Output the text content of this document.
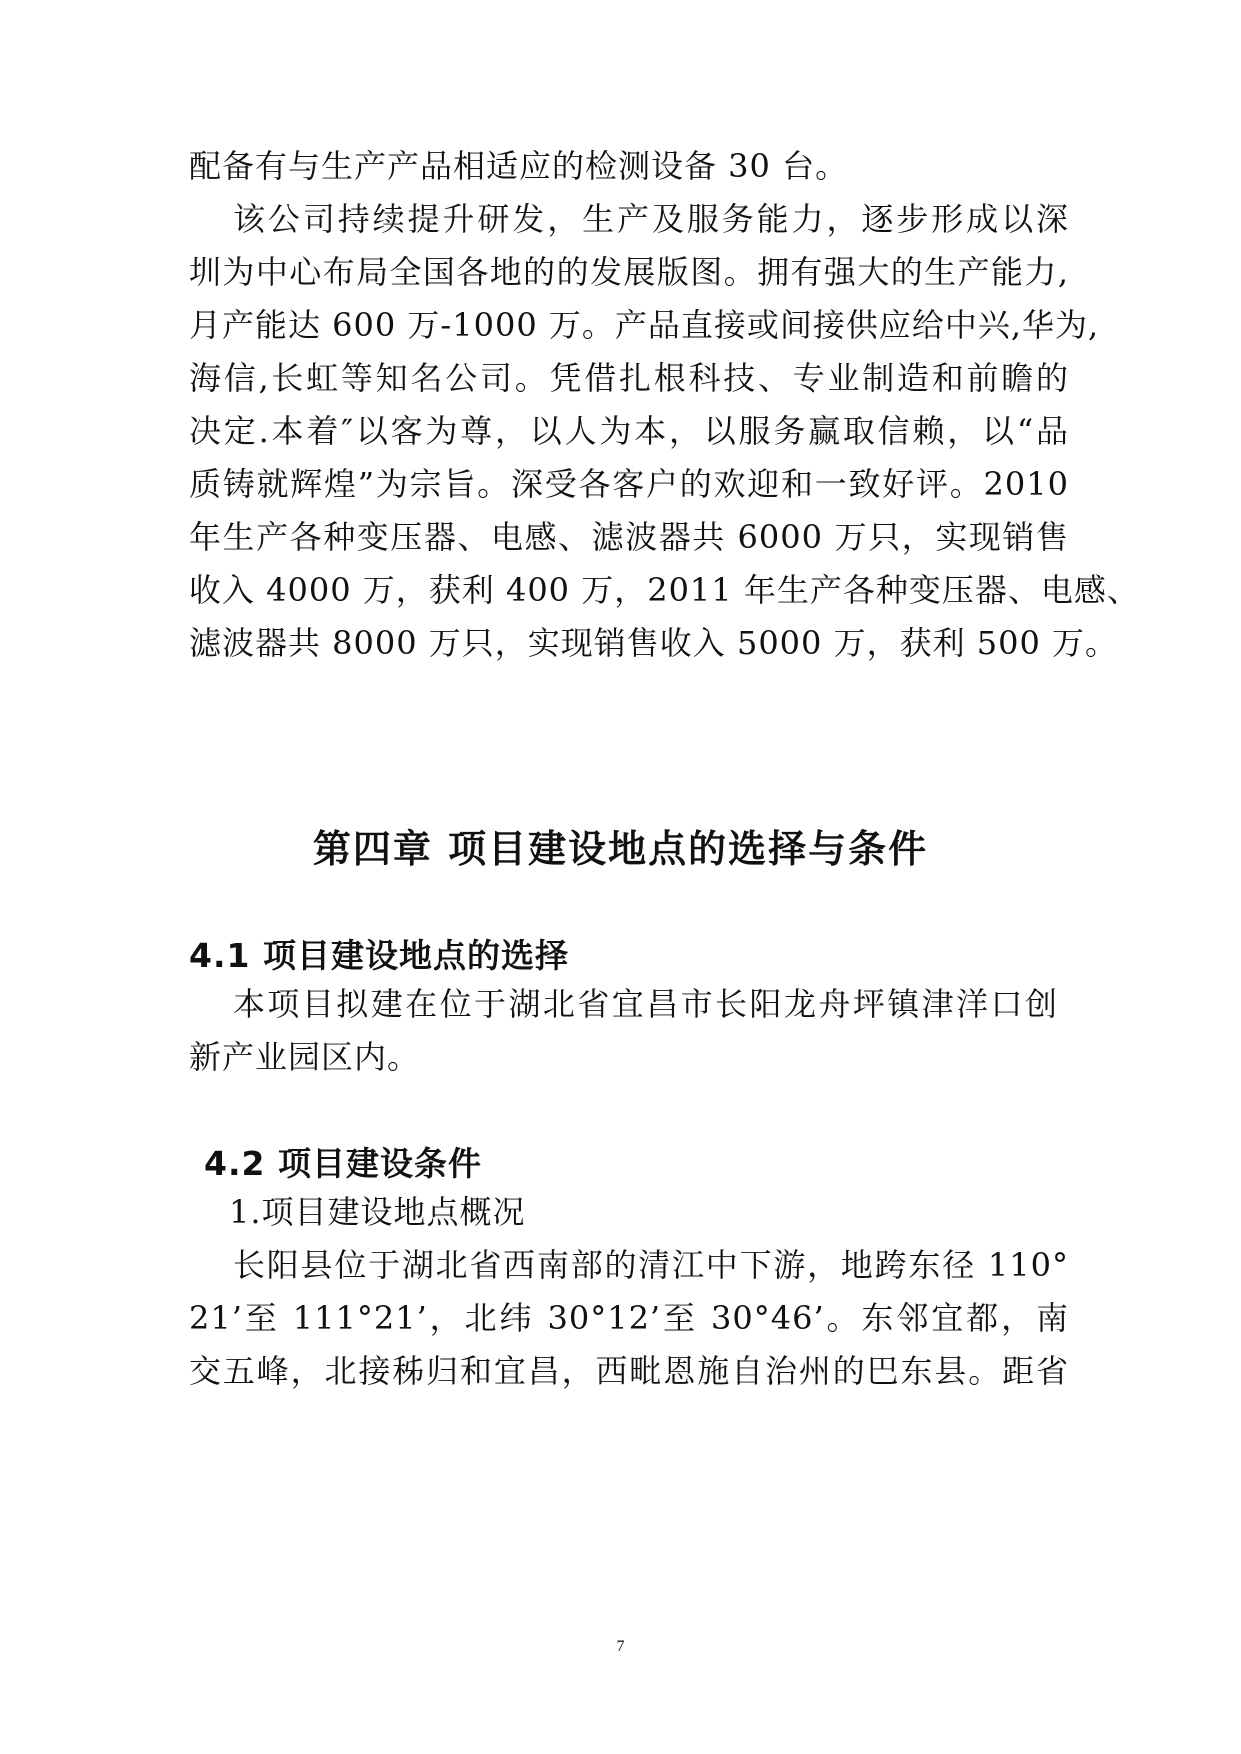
配备有与生产产品相适应的检测设备 30 台。
该公司持续提升研发，生产及服务能力，逐步形成以深
圳为中心布局全国各地的的发展版图。拥有强大的生产能力,
月产能达 600 万-1000 万。产品直接或间接供应给中兴,华为,
海信,长虹等知名公司。凭借扎根科技、专业制造和前瞻的
决定.本着″以客为尊，以人为本，以服务赢取信赖，以“品
质铸就辉煌”为宗旨。深受各客户的欢迎和一致好评。2010
年生产各种变压器、电感、滤波器共 6000 万只，实现销售
收入 4000 万，获利 400 万，2011 年生产各种变压器、电感、
滤波器共 8000 万只，实现销售收入 5000 万，获利 500 万。
第四章 项目建设地点的选择与条件
4.1 项目建设地点的选择
本项目拟建在位于湖北省宜昌市长阳龙舟坪镇津洋口创
新产业园区内。
4.2 项目建设条件
1.项目建设地点概况
长阳县位于湖北省西南部的清江中下游，地跨东径 110°
21’至 111°21’，北纬 30°12’至 30°46’。东邻宜都，南
交五峰，北接秭归和宜昌，西毗恩施自治州的巴东县。距省
7
